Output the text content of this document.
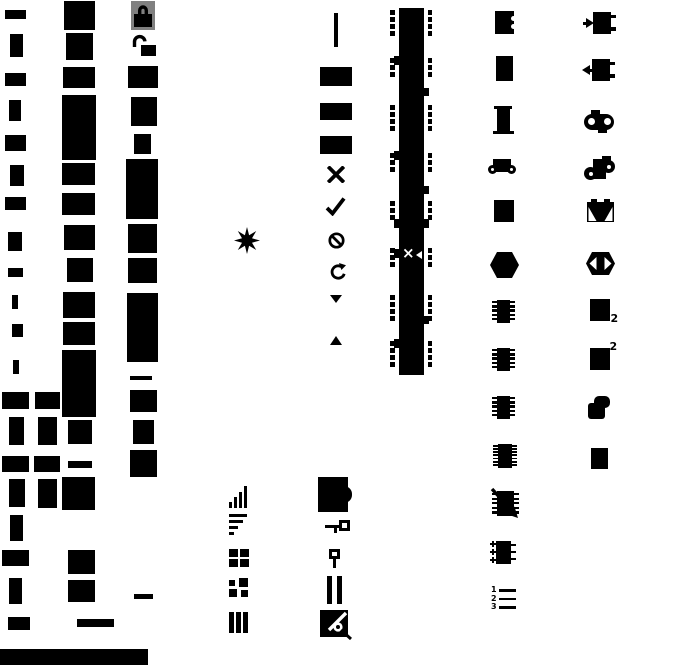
×
1
2
3
2
2
